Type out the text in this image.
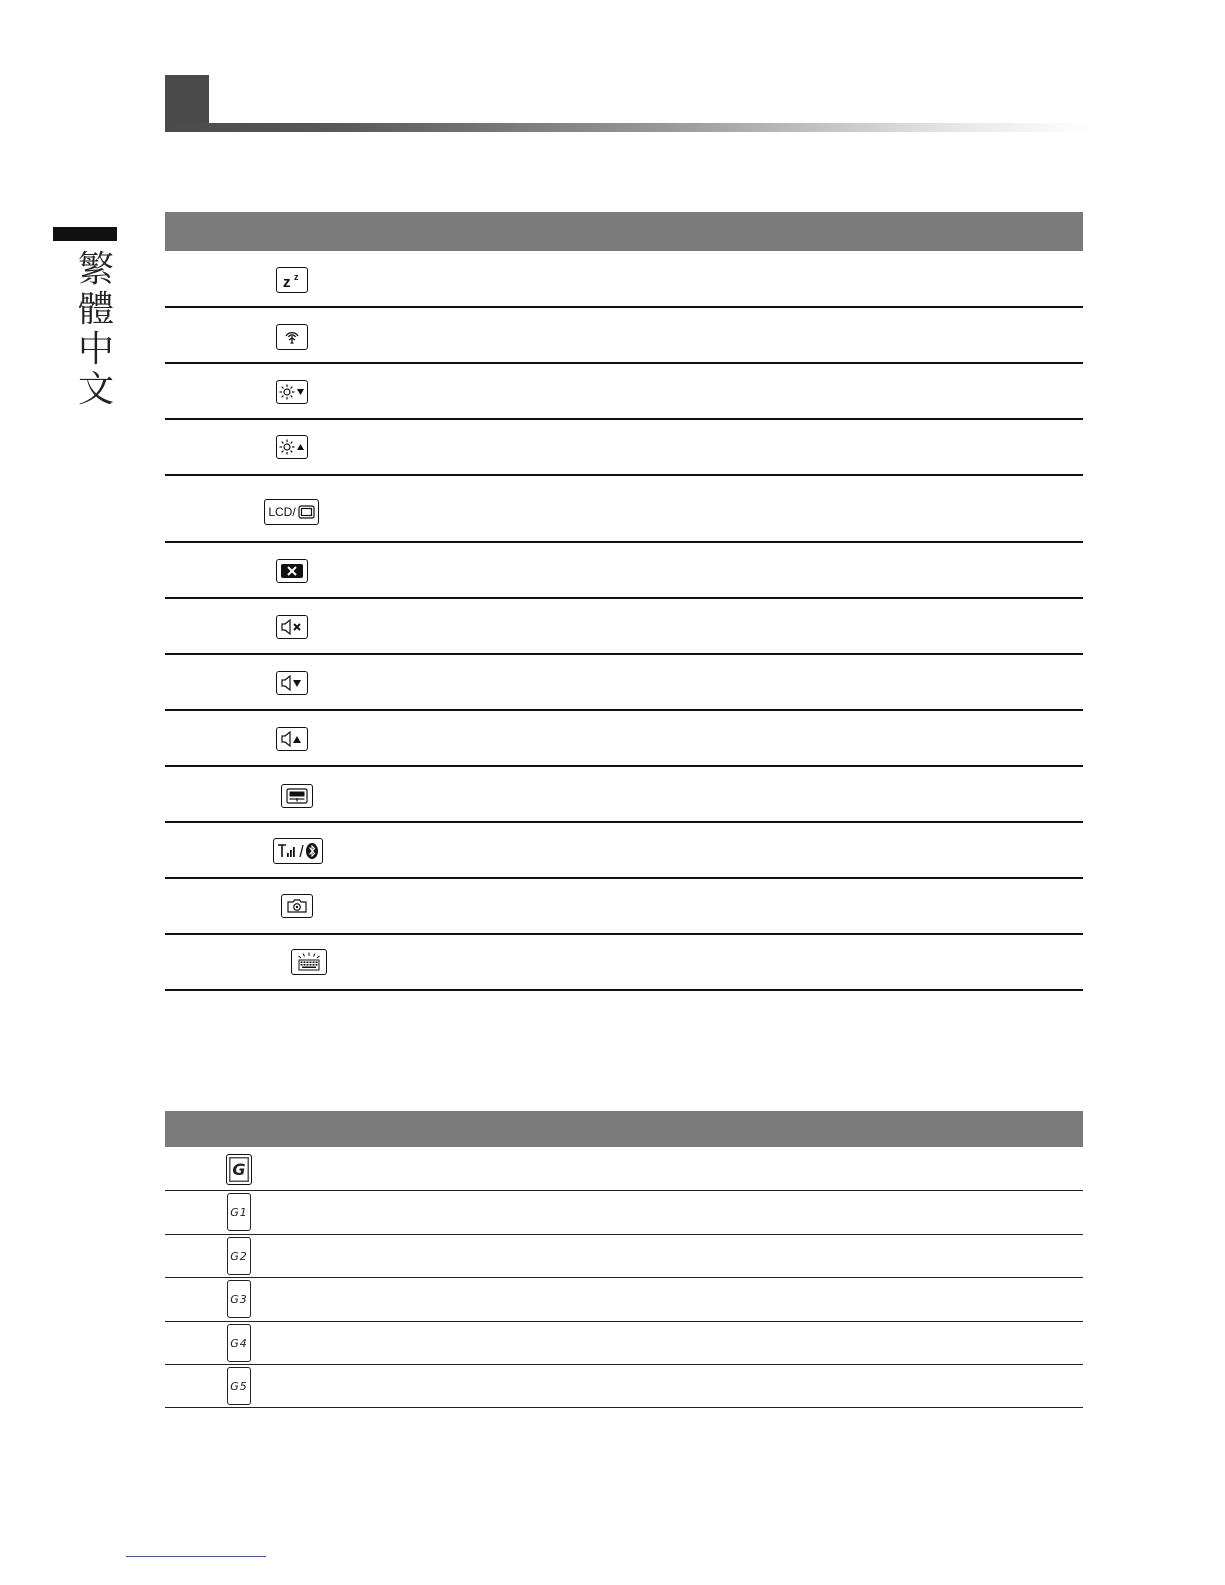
繁
體
中
文
z z
LCD/
G
G1
G2
G3
G4
G5
